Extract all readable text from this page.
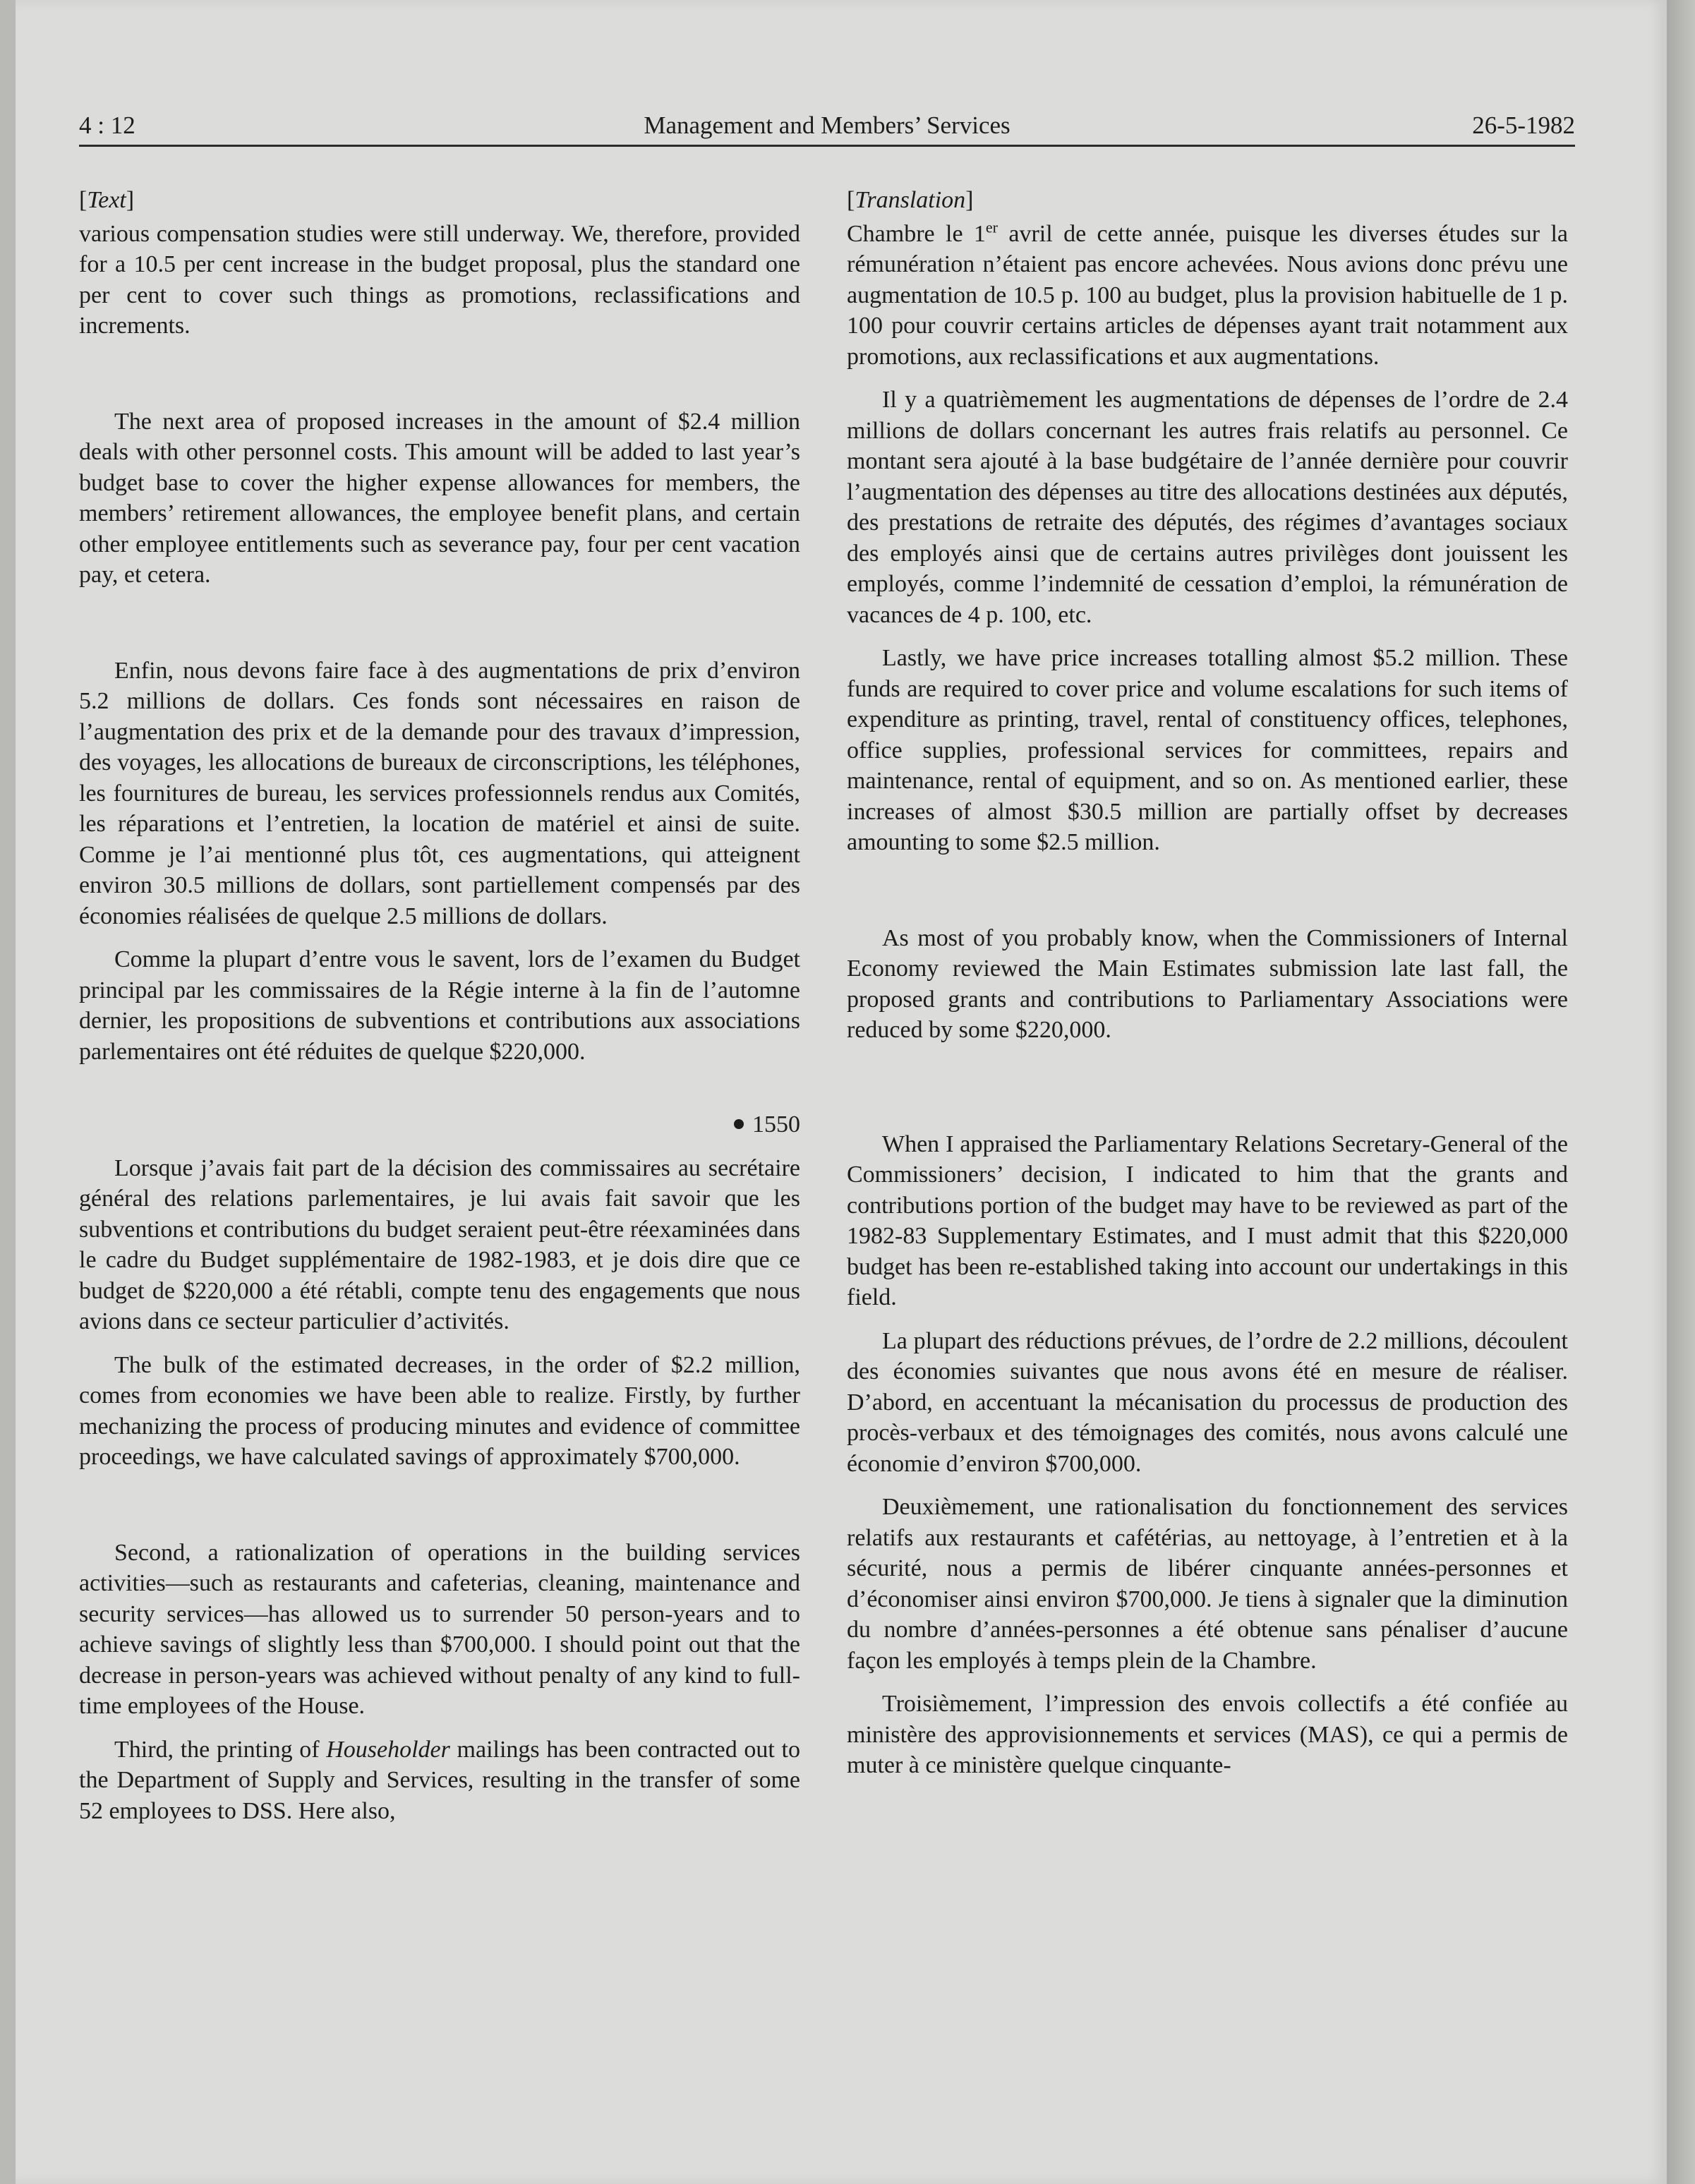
4 : 12	Management and Members’ Services	26-5-1982

[Text]

various compensation studies were still underway. We, therefore, provided for a 10.5 per cent increase in the budget proposal, plus the standard one per cent to cover such things as promotions, reclassifications and increments.

The next area of proposed increases in the amount of $2.4 million deals with other personnel costs. This amount will be added to last year’s budget base to cover the higher expense allowances for members, the members’ retirement allowances, the employee benefit plans, and certain other employee entitlements such as severance pay, four per cent vacation pay, et cetera.

Enfin, nous devons faire face à des augmentations de prix d’environ 5.2 millions de dollars. Ces fonds sont nécessaires en raison de l’augmentation des prix et de la demande pour des travaux d’impression, des voyages, les allocations de bureaux de circonscriptions, les téléphones, les fournitures de bureau, les services professionnels rendus aux Comités, les réparations et l’entretien, la location de matériel et ainsi de suite. Comme je l’ai mentionné plus tôt, ces augmentations, qui atteignent environ 30.5 millions de dollars, sont partiellement compensés par des économies réalisées de quelque 2.5 millions de dollars.

Comme la plupart d’entre vous le savent, lors de l’examen du Budget principal par les commissaires de la Régie interne à la fin de l’automne dernier, les propositions de subventions et contributions aux associations parlementaires ont été réduites de quelque $220,000.

1550

Lorsque j’avais fait part de la décision des commissaires au secrétaire général des relations parlementaires, je lui avais fait savoir que les subventions et contributions du budget seraient peut-être réexaminées dans le cadre du Budget supplémentaire de 1982-1983, et je dois dire que ce budget de $220,000 a été rétabli, compte tenu des engagements que nous avions dans ce secteur particulier d’activités.

The bulk of the estimated decreases, in the order of $2.2 million, comes from economies we have been able to realize. Firstly, by further mechanizing the process of producing minutes and evidence of committee proceedings, we have calculated savings of approximately $700,000.

Second, a rationalization of operations in the building services activities—such as restaurants and cafeterias, cleaning, maintenance and security services—has allowed us to surrender 50 person-years and to achieve savings of slightly less than $700,000. I should point out that the decrease in person-years was achieved without penalty of any kind to full-time employees of the House.

Third, the printing of Householder mailings has been contracted out to the Department of Supply and Services, resulting in the transfer of some 52 employees to DSS. Here also,

[Translation]

Chambre le 1er avril de cette année, puisque les diverses études sur la rémunération n’étaient pas encore achevées. Nous avions donc prévu une augmentation de 10.5 p. 100 au budget, plus la provision habituelle de 1 p. 100 pour couvrir certains articles de dépenses ayant trait notamment aux promotions, aux reclassifications et aux augmentations.

Il y a quatrièmement les augmentations de dépenses de l’ordre de 2.4 millions de dollars concernant les autres frais relatifs au personnel. Ce montant sera ajouté à la base budgétaire de l’année dernière pour couvrir l’augmentation des dépenses au titre des allocations destinées aux députés, des prestations de retraite des députés, des régimes d’avantages sociaux des employés ainsi que de certains autres privilèges dont jouissent les employés, comme l’indemnité de cessation d’emploi, la rémunération de vacances de 4 p. 100, etc.

Lastly, we have price increases totalling almost $5.2 million. These funds are required to cover price and volume escalations for such items of expenditure as printing, travel, rental of constituency offices, telephones, office supplies, professional services for committees, repairs and maintenance, rental of equipment, and so on. As mentioned earlier, these increases of almost $30.5 million are partially offset by decreases amounting to some $2.5 million.

As most of you probably know, when the Commissioners of Internal Economy reviewed the Main Estimates submission late last fall, the proposed grants and contributions to Parliamentary Associations were reduced by some $220,000.

When I appraised the Parliamentary Relations Secretary-General of the Commissioners’ decision, I indicated to him that the grants and contributions portion of the budget may have to be reviewed as part of the 1982-83 Supplementary Estimates, and I must admit that this $220,000 budget has been re-established taking into account our undertakings in this field.

La plupart des réductions prévues, de l’ordre de 2.2 millions, découlent des économies suivantes que nous avons été en mesure de réaliser. D’abord, en accentuant la mécanisation du processus de production des procès-verbaux et des témoignages des comités, nous avons calculé une économie d’environ $700,000.

Deuxièmement, une rationalisation du fonctionnement des services relatifs aux restaurants et cafétérias, au nettoyage, à l’entretien et à la sécurité, nous a permis de libérer cinquante années-personnes et d’économiser ainsi environ $700,000. Je tiens à signaler que la diminution du nombre d’années-personnes a été obtenue sans pénaliser d’aucune façon les employés à temps plein de la Chambre.

Troisièmement, l’impression des envois collectifs a été confiée au ministère des approvisionnements et services (MAS), ce qui a permis de muter à ce ministère quelque cinquante-
